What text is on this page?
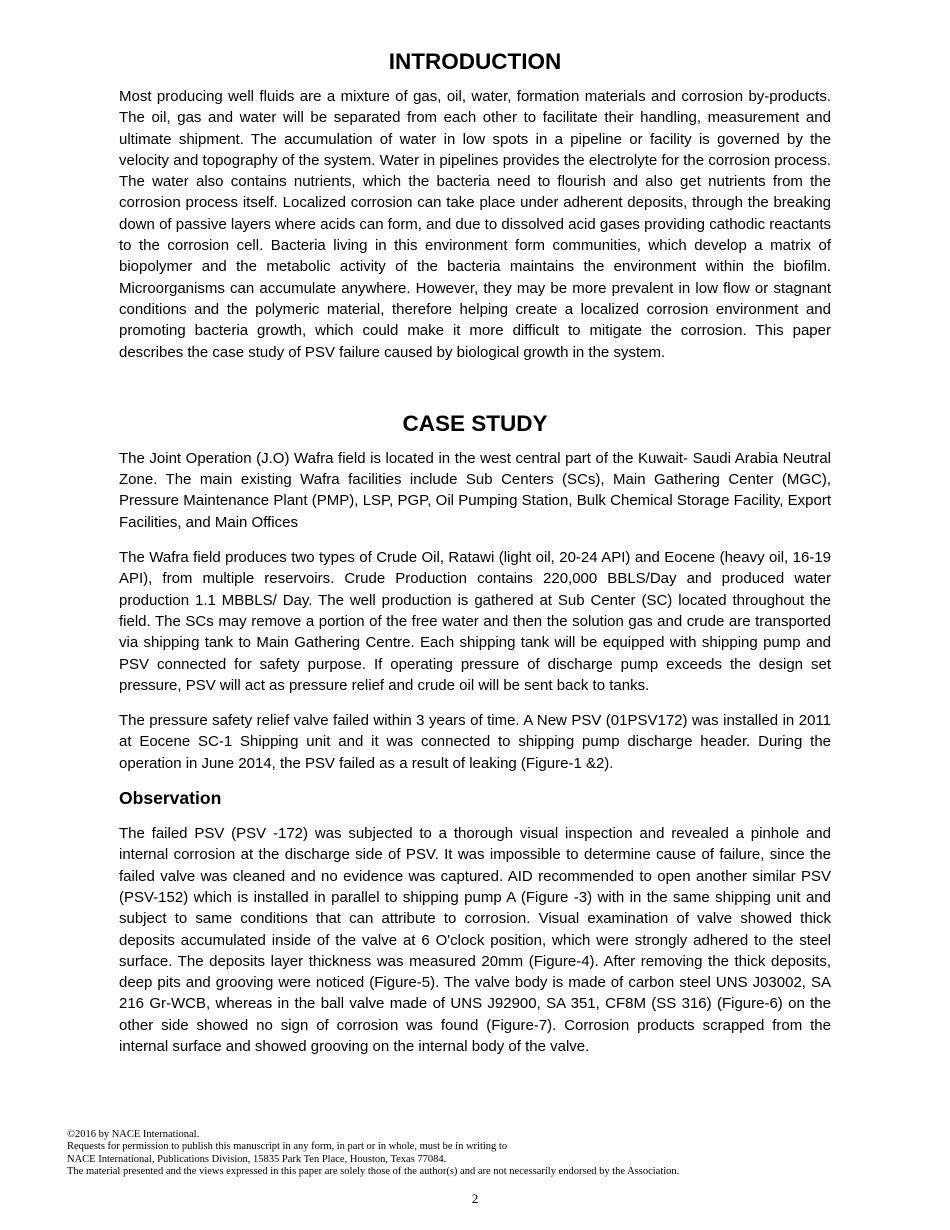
INTRODUCTION

Most producing well fluids are a mixture of gas, oil, water, formation materials and corrosion by-products. The oil, gas and water will be separated from each other to facilitate their handling, measurement and ultimate shipment. The accumulation of water in low spots in a pipeline or facility is governed by the velocity and topography of the system. Water in pipelines provides the electrolyte for the corrosion process. The water also contains nutrients, which the bacteria need to flourish and also get nutrients from the corrosion process itself. Localized corrosion can take place under adherent deposits, through the breaking down of passive layers where acids can form, and due to dissolved acid gases providing cathodic reactants to the corrosion cell. Bacteria living in this environment form communities, which develop a matrix of biopolymer and the metabolic activity of the bacteria maintains the environment within the biofilm. Microorganisms can accumulate anywhere. However, they may be more prevalent in low flow or stagnant conditions and the polymeric material, therefore helping create a localized corrosion environment and promoting bacteria growth, which could make it more difficult to mitigate the corrosion. This paper describes the case study of PSV failure caused by biological growth in the system.

CASE STUDY

The Joint Operation (J.O) Wafra field is located in the west central part of the Kuwait- Saudi Arabia Neutral Zone. The main existing Wafra facilities include Sub Centers (SCs), Main Gathering Center (MGC), Pressure Maintenance Plant (PMP), LSP, PGP, Oil Pumping Station, Bulk Chemical Storage Facility, Export Facilities, and Main Offices

The Wafra field produces two types of Crude Oil, Ratawi (light oil, 20-24 API) and Eocene (heavy oil, 16-19 API), from multiple reservoirs. Crude Production contains 220,000 BBLS/Day and produced water production 1.1 MBBLS/ Day. The well production is gathered at Sub Center (SC) located throughout the field. The SCs may remove a portion of the free water and then the solution gas and crude are transported via shipping tank to Main Gathering Centre. Each shipping tank will be equipped with shipping pump and PSV connected for safety purpose. If operating pressure of discharge pump exceeds the design set pressure, PSV will act as pressure relief and crude oil will be sent back to tanks.

The pressure safety relief valve failed within 3 years of time. A New PSV (01PSV172) was installed in 2011 at Eocene SC-1 Shipping unit and it was connected to shipping pump discharge header. During the operation in June 2014, the PSV failed as a result of leaking (Figure-1 &2).

Observation

The failed PSV (PSV -172) was subjected to a thorough visual inspection and revealed a pinhole and internal corrosion at the discharge side of PSV. It was impossible to determine cause of failure, since the failed valve was cleaned and no evidence was captured. AID recommended to open another similar PSV (PSV-152) which is installed in parallel to shipping pump A (Figure -3) with in the same shipping unit and subject to same conditions that can attribute to corrosion. Visual examination of valve showed thick deposits accumulated inside of the valve at 6 O'clock position, which were strongly adhered to the steel surface. The deposits layer thickness was measured 20mm (Figure-4). After removing the thick deposits, deep pits and grooving were noticed (Figure-5). The valve body is made of carbon steel UNS J03002, SA 216 Gr-WCB, whereas in the ball valve made of UNS J92900, SA 351, CF8M (SS 316) (Figure-6) on the other side showed no sign of corrosion was found (Figure-7). Corrosion products scrapped from the internal surface and showed grooving on the internal body of the valve.

©2016 by NACE International.
Requests for permission to publish this manuscript in any form, in part or in whole, must be in writing to
NACE International, Publications Division, 15835 Park Ten Place, Houston, Texas 77084.
The material presented and the views expressed in this paper are solely those of the author(s) and are not necessarily endorsed by the Association.
2
